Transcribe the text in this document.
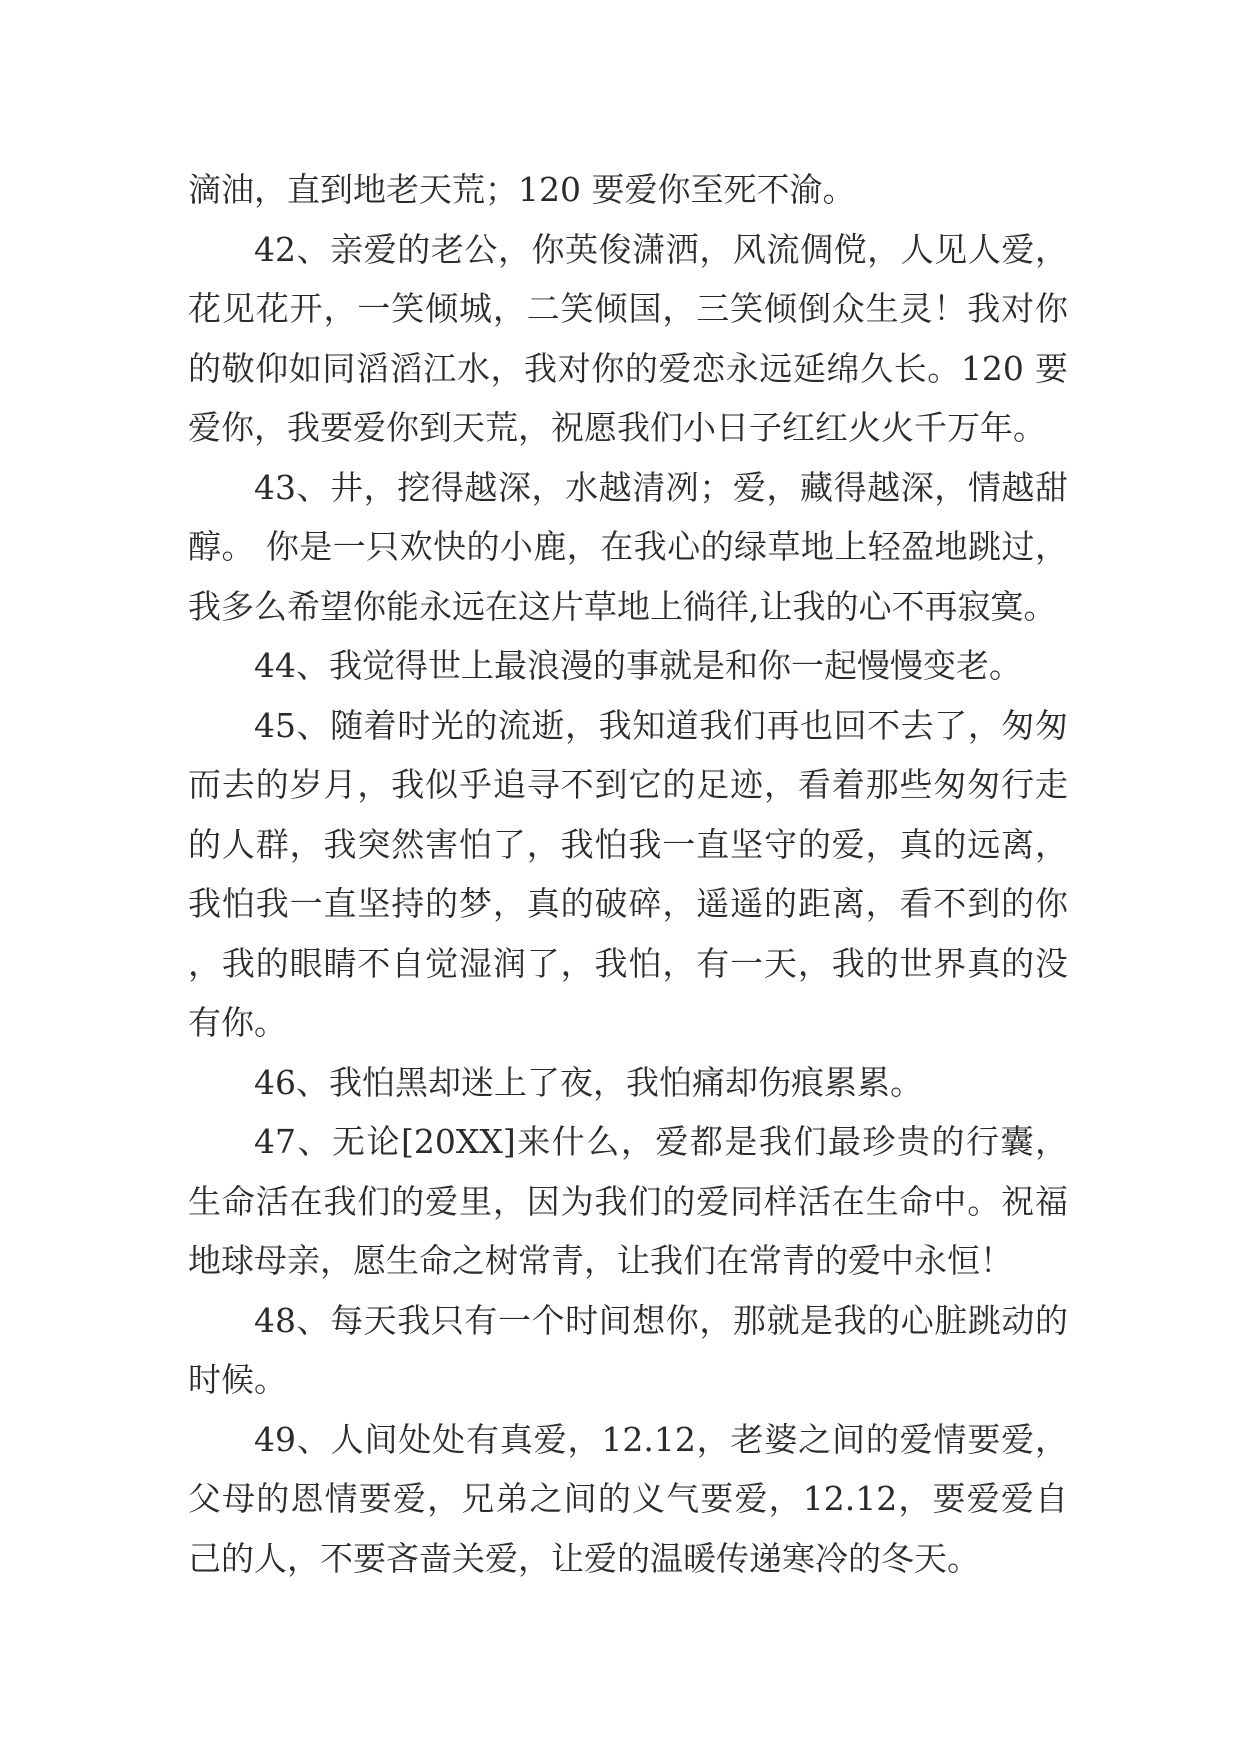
滴油，直到地老天荒；120 要爱你至死不渝。

42、亲爱的老公，你英俊潇洒，风流倜傥，人见人爱，花见花开，一笑倾城，二笑倾国，三笑倾倒众生灵！我对你的敬仰如同滔滔江水，我对你的爱恋永远延绵久长。120 要爱你，我要爱你到天荒，祝愿我们小日子红红火火千万年。

43、井，挖得越深，水越清冽；爱，藏得越深，情越甜醇。 你是一只欢快的小鹿，在我心的绿草地上轻盈地跳过，我多么希望你能永远在这片草地上徜徉,让我的心不再寂寞。

44、我觉得世上最浪漫的事就是和你一起慢慢变老。

45、随着时光的流逝，我知道我们再也回不去了，匆匆而去的岁月，我似乎追寻不到它的足迹，看着那些匆匆行走的人群，我突然害怕了，我怕我一直坚守的爱，真的远离，我怕我一直坚持的梦，真的破碎，遥遥的距离，看不到的你，我的眼睛不自觉湿润了，我怕，有一天，我的世界真的没有你。

46、我怕黑却迷上了夜，我怕痛却伤痕累累。

47、无论[20XX]来什么，爱都是我们最珍贵的行囊，生命活在我们的爱里，因为我们的爱同样活在生命中。祝福地球母亲，愿生命之树常青，让我们在常青的爱中永恒！

48、每天我只有一个时间想你，那就是我的心脏跳动的时候。

49、人间处处有真爱，12.12，老婆之间的爱情要爱，父母的恩情要爱，兄弟之间的义气要爱，12.12，要爱爱自己的人，不要吝啬关爱，让爱的温暖传递寒冷的冬天。
